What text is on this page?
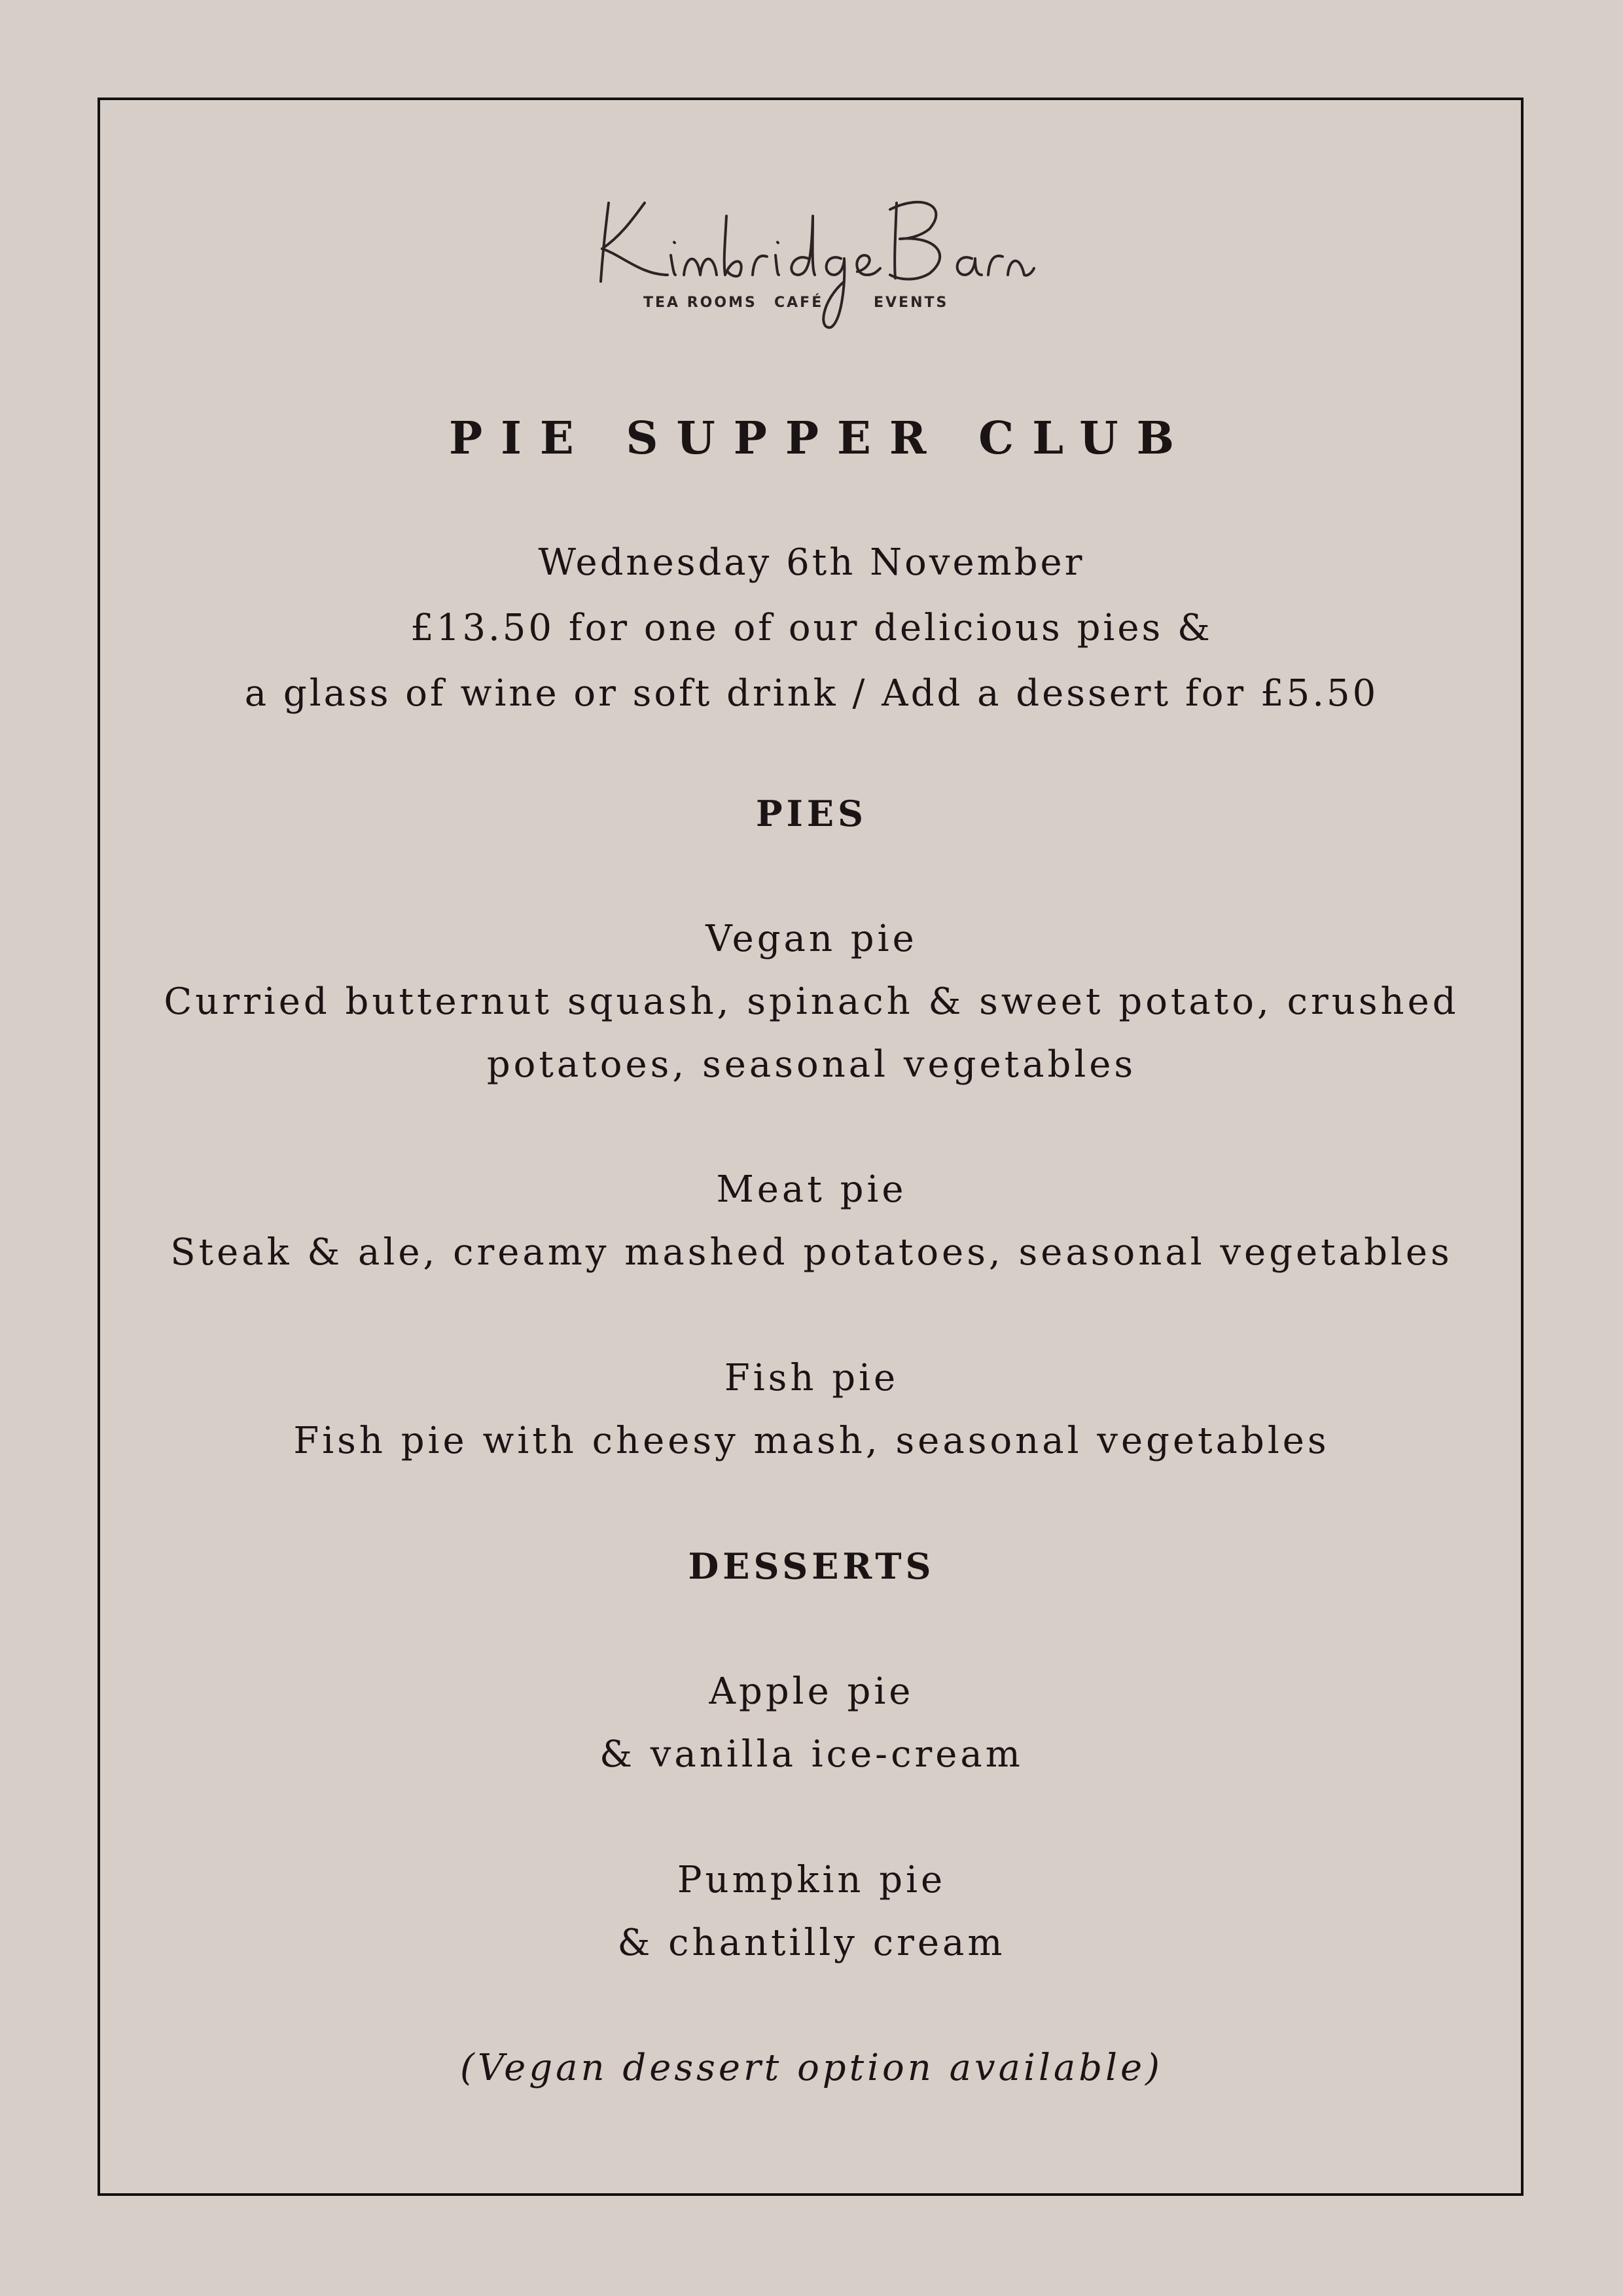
TEA ROOMS CAFÉ	EVENTS
PIE SUPPER CLUB
Wednesday 6th November
£13.50 for one of our delicious pies &
a glass of wine or soft drink / Add a dessert for £5.50
PIES
Vegan pie
Curried butternut squash, spinach & sweet potato, crushed
potatoes, seasonal vegetables
Meat pie
Steak & ale, creamy mashed potatoes, seasonal vegetables
Fish pie
Fish pie with cheesy mash, seasonal vegetables
DESSERTS
Apple pie
& vanilla ice-cream
Pumpkin pie
& chantilly cream
(Vegan dessert option available)
